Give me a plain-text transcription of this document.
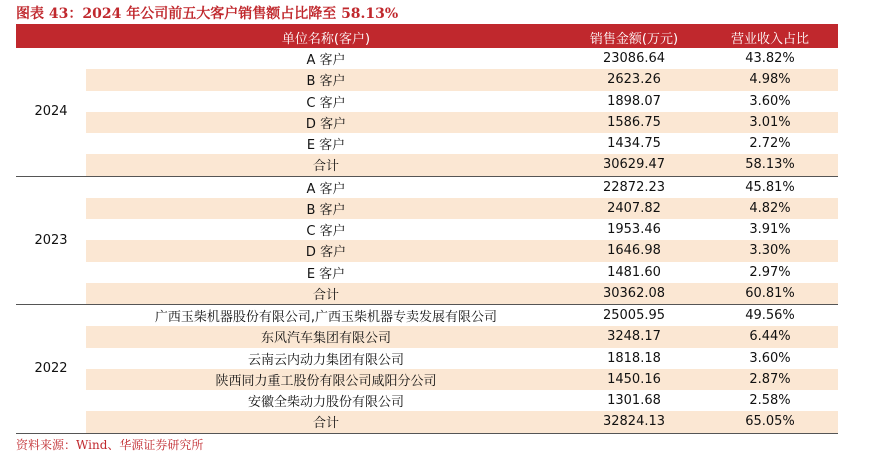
图表 43：2024 年公司前五大客户销售额占比降至 58.13%
	单位名称(客户)	销售金额(万元)	营业收入占比
2024	A 客户	23086.64	43.82%
	B 客户	2623.26	4.98%
	C 客户	1898.07	3.60%
	D 客户	1586.75	3.01%
	E 客户	1434.75	2.72%
	合计	30629.47	58.13%
2023	A 客户	22872.23	45.81%
	B 客户	2407.82	4.82%
	C 客户	1953.46	3.91%
	D 客户	1646.98	3.30%
	E 客户	1481.60	2.97%
	合计	30362.08	60.81%
2022	广西玉柴机器股份有限公司,广西玉柴机器专卖发展有限公司	25005.95	49.56%
	东风汽车集团有限公司	3248.17	6.44%
	云南云内动力集团有限公司	1818.18	3.60%
	陕西同力重工股份有限公司咸阳分公司	1450.16	2.87%
	安徽全柴动力股份有限公司	1301.68	2.58%
	合计	32824.13	65.05%
资料来源：Wind、华源证券研究所
